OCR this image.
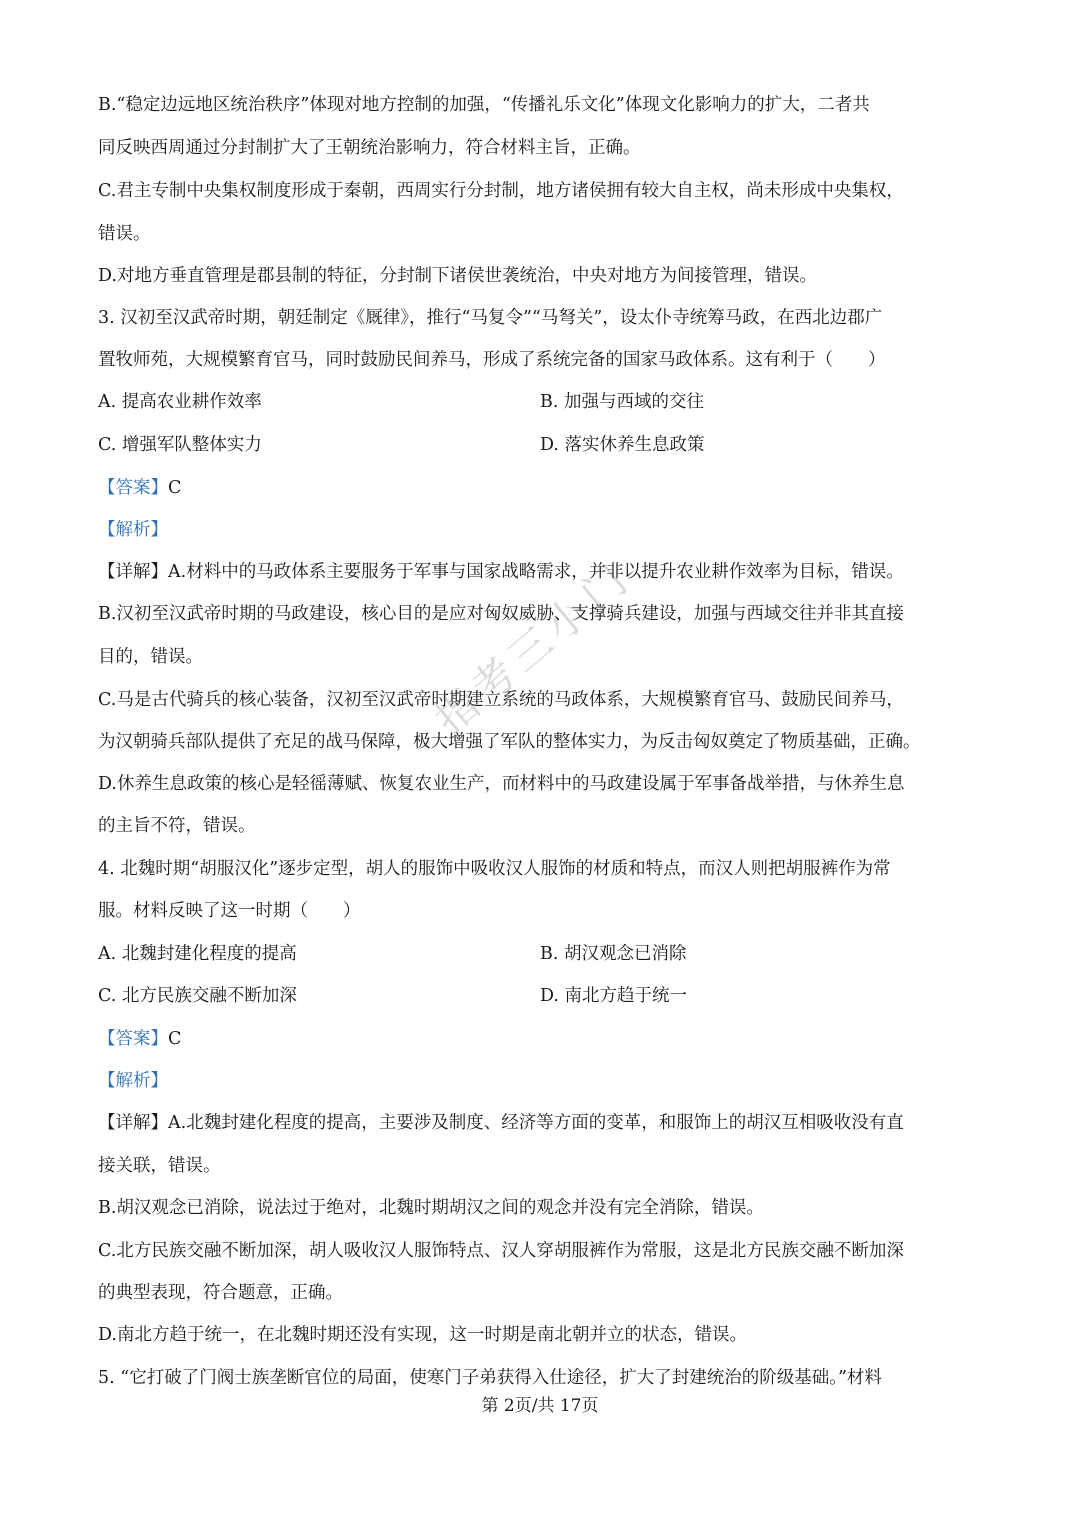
指考三小门
B.“稳定边远地区统治秩序”体现对地方控制的加强，“传播礼乐文化”体现文化影响力的扩大，二者共
同反映西周通过分封制扩大了王朝统治影响力，符合材料主旨，正确。
C.君主专制中央集权制度形成于秦朝，西周实行分封制，地方诸侯拥有较大自主权，尚未形成中央集权，
错误。
D.对地方垂直管理是郡县制的特征，分封制下诸侯世袭统治，中央对地方为间接管理，错误。
3. 汉初至汉武帝时期，朝廷制定《厩律》，推行“马复令”“马弩关”，设太仆寺统筹马政，在西北边郡广
置牧师苑，大规模繁育官马，同时鼓励民间养马，形成了系统完备的国家马政体系。这有利于（　　）
A. 提高农业耕作效率	B. 加强与西域的交往
C. 增强军队整体实力	D. 落实休养生息政策
【答案】C
【解析】
【详解】A.材料中的马政体系主要服务于军事与国家战略需求，并非以提升农业耕作效率为目标，错误。
B.汉初至汉武帝时期的马政建设，核心目的是应对匈奴威胁、支撑骑兵建设，加强与西域交往并非其直接
目的，错误。
C.马是古代骑兵的核心装备，汉初至汉武帝时期建立系统的马政体系，大规模繁育官马、鼓励民间养马，
为汉朝骑兵部队提供了充足的战马保障，极大增强了军队的整体实力，为反击匈奴奠定了物质基础，正确。
D.休养生息政策的核心是轻徭薄赋、恢复农业生产，而材料中的马政建设属于军事备战举措，与休养生息
的主旨不符，错误。
4. 北魏时期“胡服汉化”逐步定型，胡人的服饰中吸收汉人服饰的材质和特点，而汉人则把胡服裤作为常
服。材料反映了这一时期（　　）
A. 北魏封建化程度的提高	B. 胡汉观念已消除
C. 北方民族交融不断加深	D. 南北方趋于统一
【答案】C
【解析】
【详解】A.北魏封建化程度的提高，主要涉及制度、经济等方面的变革，和服饰上的胡汉互相吸收没有直
接关联，错误。
B.胡汉观念已消除，说法过于绝对，北魏时期胡汉之间的观念并没有完全消除，错误。
C.北方民族交融不断加深，胡人吸收汉人服饰特点、汉人穿胡服裤作为常服，这是北方民族交融不断加深
的典型表现，符合题意，正确。
D.南北方趋于统一，在北魏时期还没有实现，这一时期是南北朝并立的状态，错误。
5. “它打破了门阀士族垄断官位的局面，使寒门子弟获得入仕途径，扩大了封建统治的阶级基础。”材料
第 2页/共 17页
